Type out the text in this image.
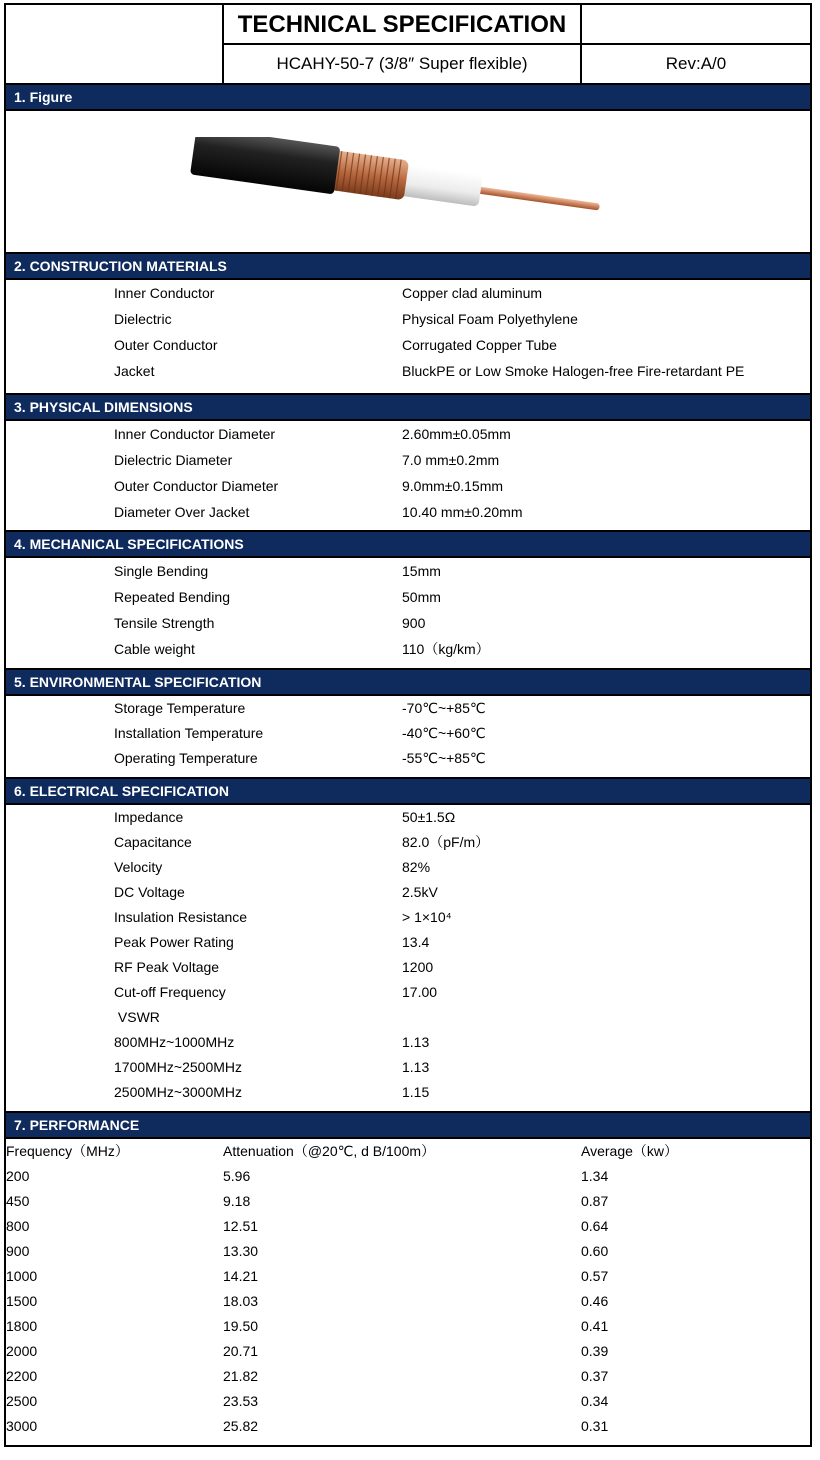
TECHNICAL SPECIFICATION
HCAHY-50-7 (3/8″ Super flexible)	Rev:A/0
1. Figure
2. CONSTRUCTION MATERIALS
Inner Conductor	Copper clad aluminum
Dielectric	Physical Foam Polyethylene
Outer Conductor	Corrugated Copper Tube
Jacket	BluckPE or Low Smoke Halogen-free Fire-retardant PE
3. PHYSICAL DIMENSIONS
Inner Conductor Diameter	2.60mm±0.05mm
Dielectric Diameter	7.0 mm±0.2mm
Outer Conductor Diameter	9.0mm±0.15mm
Diameter Over Jacket	10.40 mm±0.20mm
4. MECHANICAL SPECIFICATIONS
Single Bending	15mm
Repeated Bending	50mm
Tensile Strength	900
Cable weight	110（kg/km）
5. ENVIRONMENTAL SPECIFICATION
Storage Temperature	-70℃~+85℃
Installation Temperature	-40℃~+60℃
Operating Temperature	-55℃~+85℃
6. ELECTRICAL SPECIFICATION
Impedance	50±1.5Ω
Capacitance	82.0（pF/m）
Velocity	82%
DC Voltage	2.5kV
Insulation Resistance	> 1×10⁴
Peak Power Rating	13.4
RF Peak Voltage	1200
Cut-off Frequency	17.00
VSWR
800MHz~1000MHz	1.13
1700MHz~2500MHz	1.13
2500MHz~3000MHz	1.15
7. PERFORMANCE
Frequency（MHz）	Attenuation（@20℃, d B/100m）	Average（kw）
200	5.96	1.34
450	9.18	0.87
800	12.51	0.64
900	13.30	0.60
1000	14.21	0.57
1500	18.03	0.46
1800	19.50	0.41
2000	20.71	0.39
2200	21.82	0.37
2500	23.53	0.34
3000	25.82	0.31
